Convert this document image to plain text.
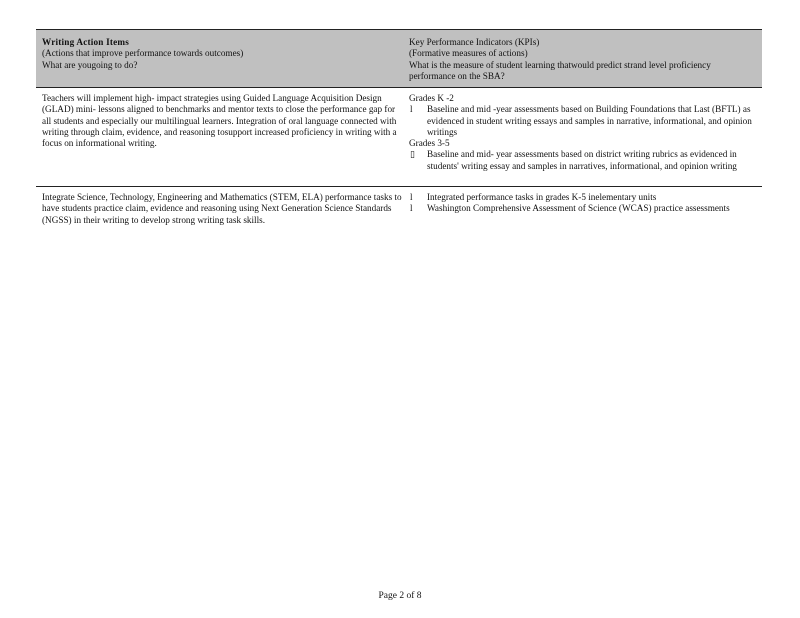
Writing Action Items

(Actions that improve performance towards outcomes)

What are yougoing to do?

Key Performance Indicators (KPIs)

(Formative measures of actions)

What is the measure of student learning thatwould predict strand level proficiency performance on the SBA?

Teachers will implement high- impact strategies using Guided Language Acquisition Design (GLAD) mini- lessons aligned to benchmarks and mentor texts to close the performance gap for all students and especially our multilingual learners. Integration of oral language connected with writing through claim, evidence, and reasoning tosupport increased proficiency in writing with a focus on informational writing.

Grades K -2

l Baseline and mid -year assessments based on Building Foundations that Last (BFTL) as evidenced in student writing essays and samples in narrative, informational, and opinion writings

Grades 3-5

▯ Baseline and mid- year assessments based on district writing rubrics as evidenced in students' writing essay and samples in narratives, informational, and opinion writing

Integrate Science, Technology, Engineering and Mathematics (STEM, ELA) performance tasks to have students practice claim, evidence and reasoning using Next Generation Science Standards (NGSS) in their writing to develop strong writing task skills.

l Integrated performance tasks in grades K-5 inelementary units
l Washington Comprehensive Assessment of Science (WCAS) practice assessments
Page 2 of 8
